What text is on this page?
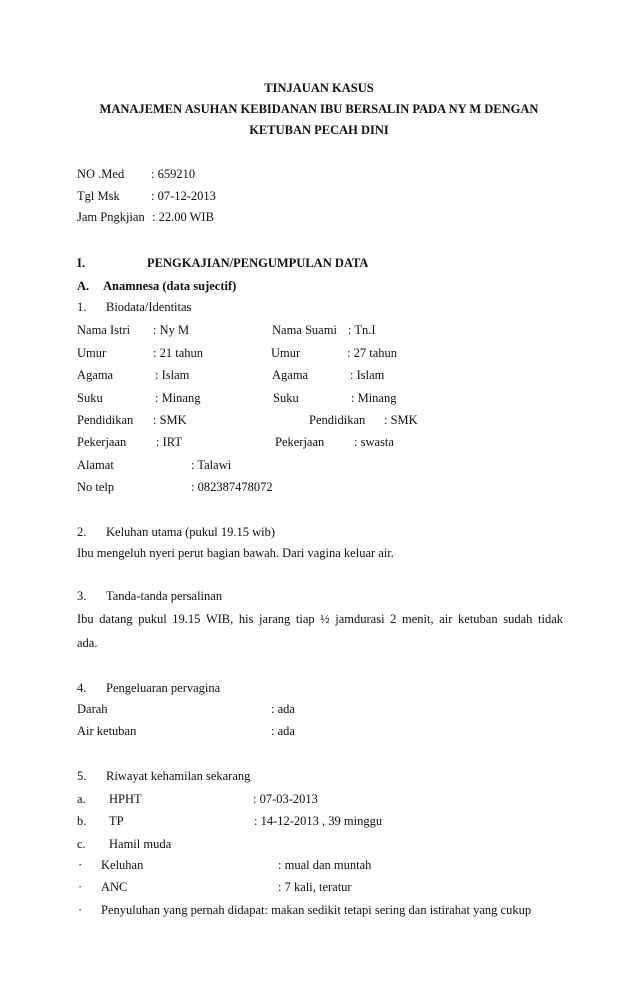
TINJAUAN KASUS
MANAJEMEN ASUHAN KEBIDANAN IBU BERSALIN PADA NY M DENGAN
KETUBAN PECAH DINI
NO .Med : 659210
Tgl Msk	: 07-12-2013
Jam Pngkjian : 22.00 WIB
I.	PENGKAJIAN/PENGUMPULAN DATA
A. Anamnesa (data sujectif)
1. Biodata/Identitas
Nama Istri : Ny M	Nama Suami : Tn.I
Umur	: 21 tahun	Umur	: 27 tahun
Agama	: Islam	Agama	: Islam
Suku	: Minang	Suku	: Minang
Pendidikan : SMK	Pendidikan : SMK
Pekerjaan : IRT	Pekerjaan : swasta
Alamat	: Talawi
No telp	: 082387478072
2. Keluhan utama (pukul 19.15 wib)
Ibu mengeluh nyeri perut bagian bawah. Dari vagina keluar air.
3. Tanda-tanda persalinan
Ibu datang pukul 19.15 WIB, his jarang tiap ½ jamdurasi 2 menit, air ketuban sudah tidak
ada.
4. Pengeluaran pervagina
Darah	: ada
Air ketuban	: ada
5. Riwayat kehamilan sekarang
a. HPHT	: 07-03-2013
b. TP	: 14-12-2013 , 39 minggu
c. Hamil muda
· Keluhan	: mual dan muntah
· ANC	: 7 kali, teratur
· Penyuluhan yang pernah didapat: makan sedikit tetapi sering dan istirahat yang cukup
